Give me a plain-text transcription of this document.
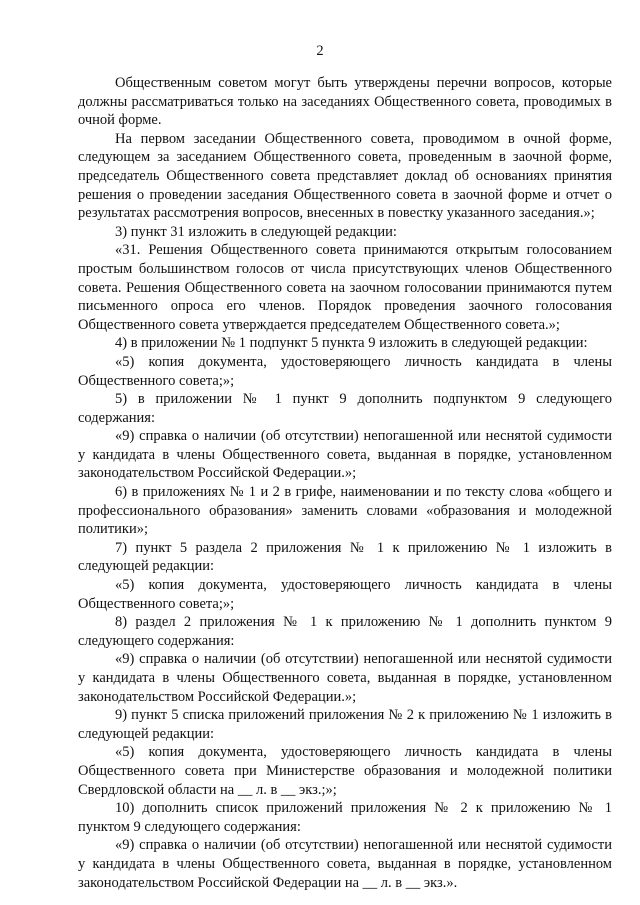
2

Общественным советом могут быть утверждены перечни вопросов, которые должны рассматриваться только на заседаниях Общественного совета, проводимых в очной форме.

На первом заседании Общественного совета, проводимом в очной форме, следующем за заседанием Общественного совета, проведенным в заочной форме, председатель Общественного совета представляет доклад об основаниях принятия решения о проведении заседания Общественного совета в заочной форме и отчет о результатах рассмотрения вопросов, внесенных в повестку указанного заседания.»;

3) пункт 31 изложить в следующей редакции:

«31. Решения Общественного совета принимаются открытым голосованием простым большинством голосов от числа присутствующих членов Общественного совета. Решения Общественного совета на заочном голосовании принимаются путем письменного опроса его членов. Порядок проведения заочного голосования Общественного совета утверждается председателем Общественного совета.»;

4) в приложении № 1 подпункт 5 пункта 9 изложить в следующей редакции:

«5) копия документа, удостоверяющего личность кандидата в члены Общественного совета;»;

5) в приложении № 1 пункт 9 дополнить подпунктом 9 следующего содержания:

«9) справка о наличии (об отсутствии) непогашенной или неснятой судимости у кандидата в члены Общественного совета, выданная в порядке, установленном законодательством Российской Федерации.»;

6) в приложениях № 1 и 2 в грифе, наименовании и по тексту слова «общего и профессионального образования» заменить словами «образования и молодежной политики»;

7) пункт 5 раздела 2 приложения № 1 к приложению № 1 изложить в следующей редакции:

«5) копия документа, удостоверяющего личность кандидата в члены Общественного совета;»;

8) раздел 2 приложения № 1 к приложению № 1 дополнить пунктом 9 следующего содержания:

«9) справка о наличии (об отсутствии) непогашенной или неснятой судимости у кандидата в члены Общественного совета, выданная в порядке, установленном законодательством Российской Федерации.»;

9) пункт 5 списка приложений приложения № 2 к приложению № 1 изложить в следующей редакции:

«5) копия документа, удостоверяющего личность кандидата в члены Общественного совета при Министерстве образования и молодежной политики Свердловской области на __ л. в __ экз.;»;

10) дополнить список приложений приложения № 2 к приложению № 1 пунктом 9 следующего содержания:

«9) справка о наличии (об отсутствии) непогашенной или неснятой судимости у кандидата в члены Общественного совета, выданная в порядке, установленном законодательством Российской Федерации на __ л. в __ экз.».
